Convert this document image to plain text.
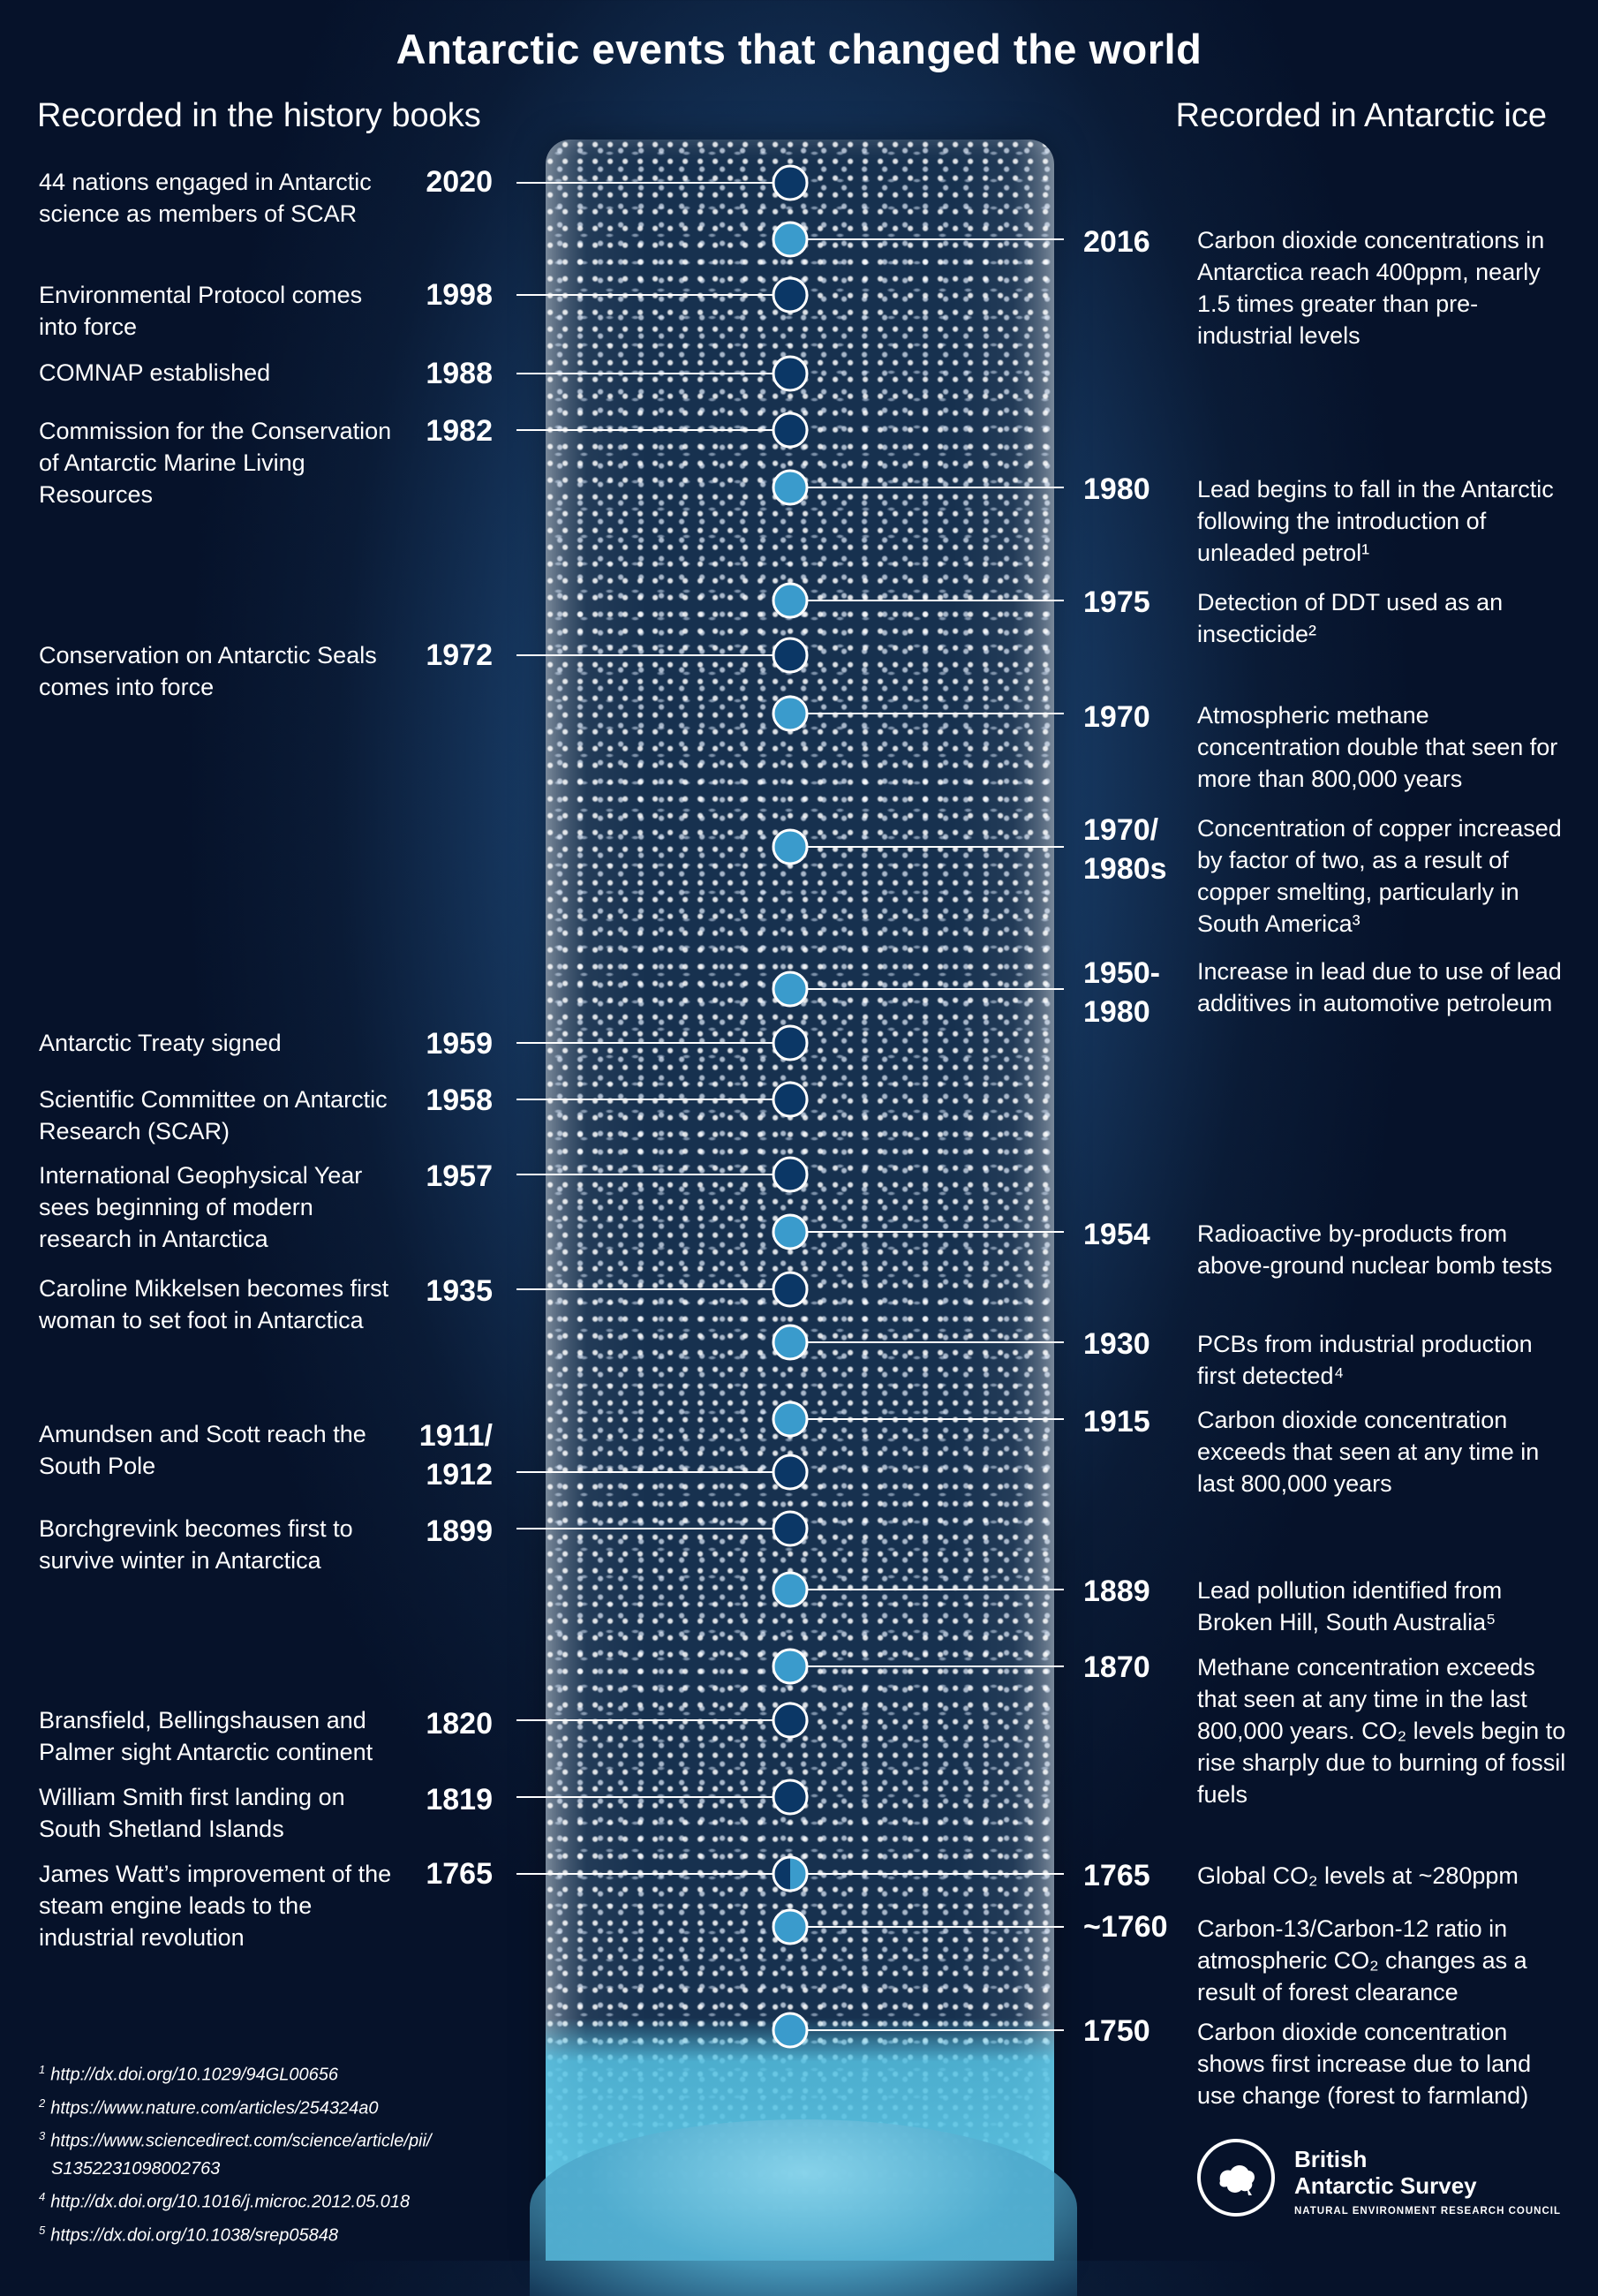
Antarctic events that changed the world
Recorded in the history books	Recorded in Antarctic ice
2020
44 nations engaged in Antarctic science as members of SCAR
1998
Environmental Protocol comes into force
1988
COMNAP established
1982
Commission for the Conservation of Antarctic Marine Living Resources
1972
Conservation on Antarctic Seals comes into force
1959
Antarctic Treaty signed
1958
Scientific Committee on Antarctic Research (SCAR)
1957
International Geophysical Year sees beginning of modern research in Antarctica
1935
Caroline Mikkelsen becomes first woman to set foot in Antarctica
1911/
1912
Amundsen and Scott reach the South Pole
1899
Borchgrevink becomes first to survive winter in Antarctica
1820
Bransfield, Bellingshausen and Palmer sight Antarctic continent
1819
William Smith first landing on South Shetland Islands
1765
James Watt’s improvement of the steam engine leads to the industrial revolution
2016 Carbon dioxide concentrations in Antarctica reach 400ppm, nearly 1.5 times greater than pre-industrial levels
1980 Lead begins to fall in the Antarctic following the introduction of unleaded petrol¹
1975 Detection of DDT used as an insecticide²
1970 Atmospheric methane concentration double that seen for more than 800,000 years
1970/
1980s
Concentration of copper increased by factor of two, as a result of copper smelting, particularly in South America³
1950-
1980
Increase in lead due to use of lead additives in automotive petroleum
1954 Radioactive by-products from above-ground nuclear bomb tests
1930 PCBs from industrial production first detected⁴
1915 Carbon dioxide concentration exceeds that seen at any time in last 800,000 years
1889 Lead pollution identified from Broken Hill, South Australia⁵
1870 Methane concentration exceeds that seen at any time in the last 800,000 years. CO₂ levels begin to rise sharply due to burning of fossil fuels
1765 Global CO₂ levels at ~280ppm
~1760 Carbon-13/Carbon-12 ratio in atmospheric CO₂ changes as a result of forest clearance
1750 Carbon dioxide concentration shows first increase due to land use change (forest to farmland)
$^1$ http://dx.doi.org/10.1029/94GL00656
$^2$ https://www.nature.com/articles/254324a0
$^3$ https://www.sciencedirect.com/science/article/pii/
S1352231098002763
$^4$ http://dx.doi.org/10.1016/j.microc.2012.05.018
$^5$ https://dx.doi.org/10.1038/srep05848
British
Antarctic Survey
NATURAL ENVIRONMENT RESEARCH COUNCIL
